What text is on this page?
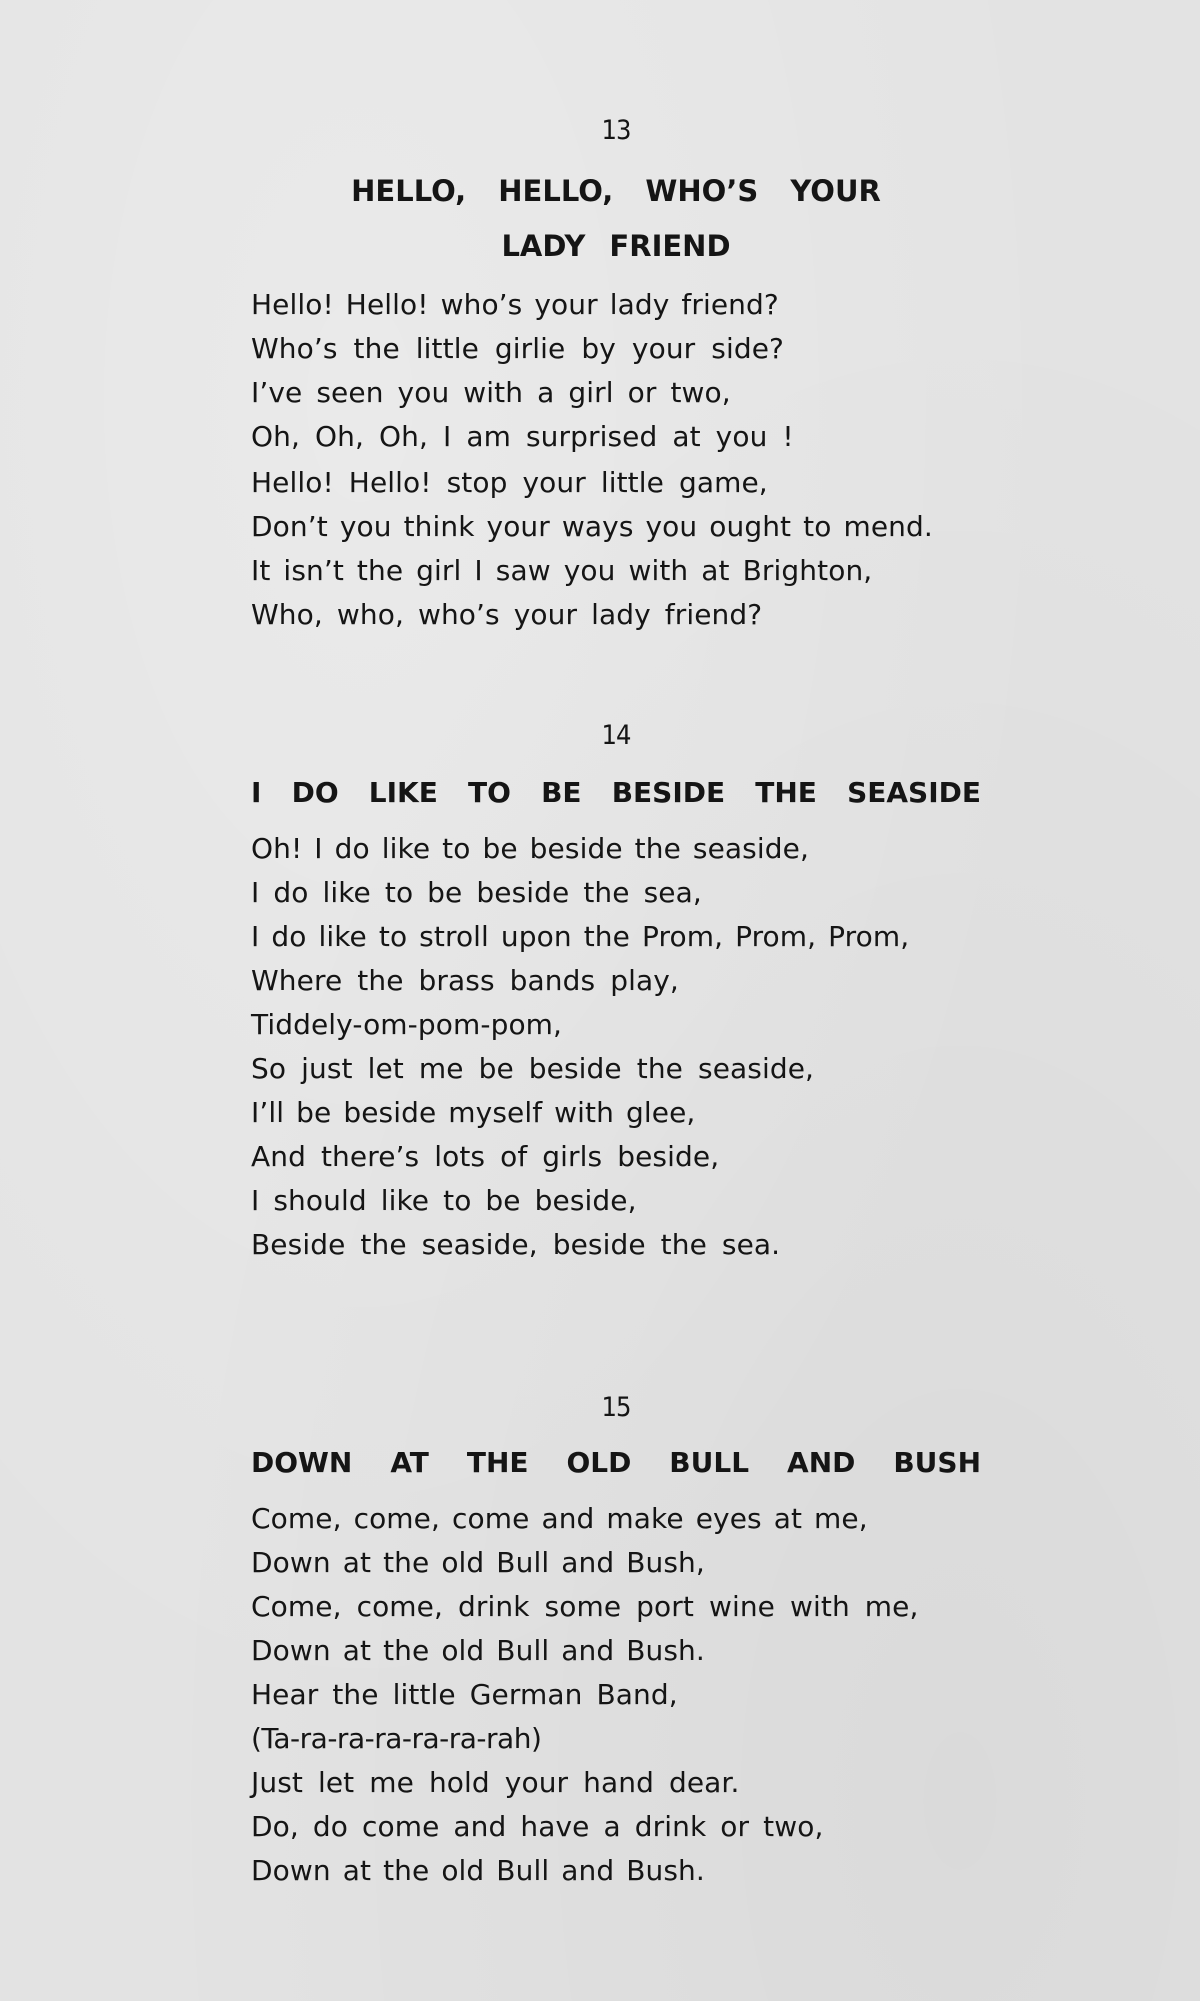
13
HELLO, HELLO, WHO’S YOUR
LADY FRIEND
Hello! Hello! who’s your lady friend?
Who’s the little girlie by your side?
I’ve seen you with a girl or two,
Oh, Oh, Oh, I am surprised at you !
Hello! Hello! stop your little game,
Don’t you think your ways you ought to mend.
It isn’t the girl I saw you with at Brighton,
Who, who, who’s your lady friend?
14
I DO LIKE TO BE BESIDE THE SEASIDE
Oh! I do like to be beside the seaside,
I do like to be beside the sea,
I do like to stroll upon the Prom, Prom, Prom,
Where the brass bands play,
Tiddely-om-pom-pom,
So just let me be beside the seaside,
I’ll be beside myself with glee,
And there’s lots of girls beside,
I should like to be beside,
Beside the seaside, beside the sea.
15
DOWN AT THE OLD BULL AND BUSH
Come, come, come and make eyes at me,
Down at the old Bull and Bush,
Come, come, drink some port wine with me,
Down at the old Bull and Bush.
Hear the little German Band,
(Ta-ra-ra-ra-ra-ra-rah)
Just let me hold your hand dear.
Do, do come and have a drink or two,
Down at the old Bull and Bush.
